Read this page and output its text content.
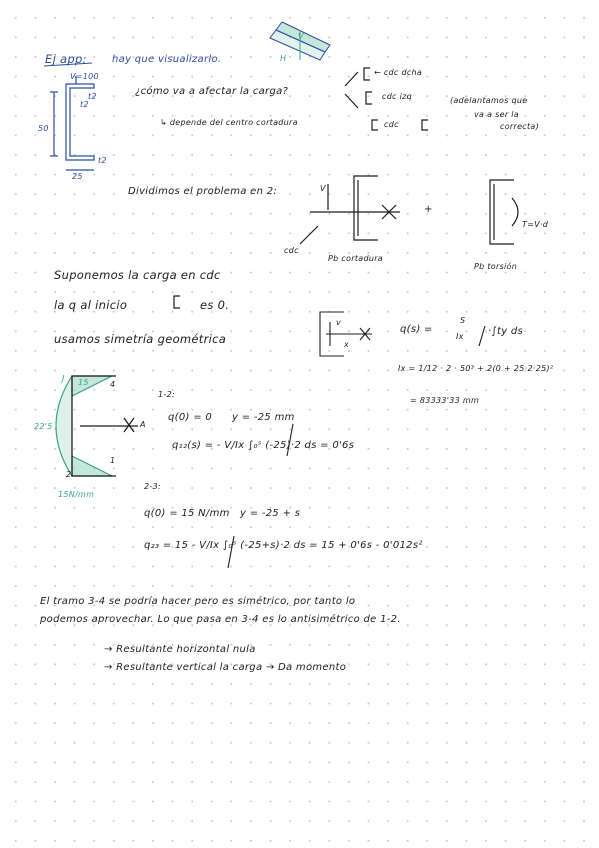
Ej app:	hay que visualizarlo.
V
H
V=100
t2
t2
50
t2
25
¿cómo va a afectar la carga?
← cdc dcha
cdc izq	(adelantamos que
va a ser la
correcta)
↳ depende del centro cortadura	cdc
Dividimos el problema en 2:	V
cdc
+
Pb cortadura
Pb torsión
T=V·d
Suponemos la carga en cdc
la q al inicio	es 0.
usamos simetría geométrica
q(s) =
S
Ix ·∫ty ds
v
x
Ix = 1/12 · 2 · 50³ + 2(0 + 25·2·25)²
= 83333'33 mm
J 15
22'5
15N/mm
4
2
1
A
1-2:
q(0) = 0 y = -25 mm
q₁₂(s) = - V/Ix ∫₀ˢ (-25)·2 ds = 0'6s
2-3:
q(0) = 15 N/mm y = -25 + s
q₂₃ = 15 - V/Ix ∫₀ˢ (-25+s)·2 ds = 15 + 0'6s - 0'012s²
El tramo 3-4 se podría hacer pero es simétrico, por tanto lo
podemos aprovechar. Lo que pasa en 3-4 es lo antisimétrico de 1-2.
→ Resultante horizontal nula
→ Resultante vertical la carga → Da momento
